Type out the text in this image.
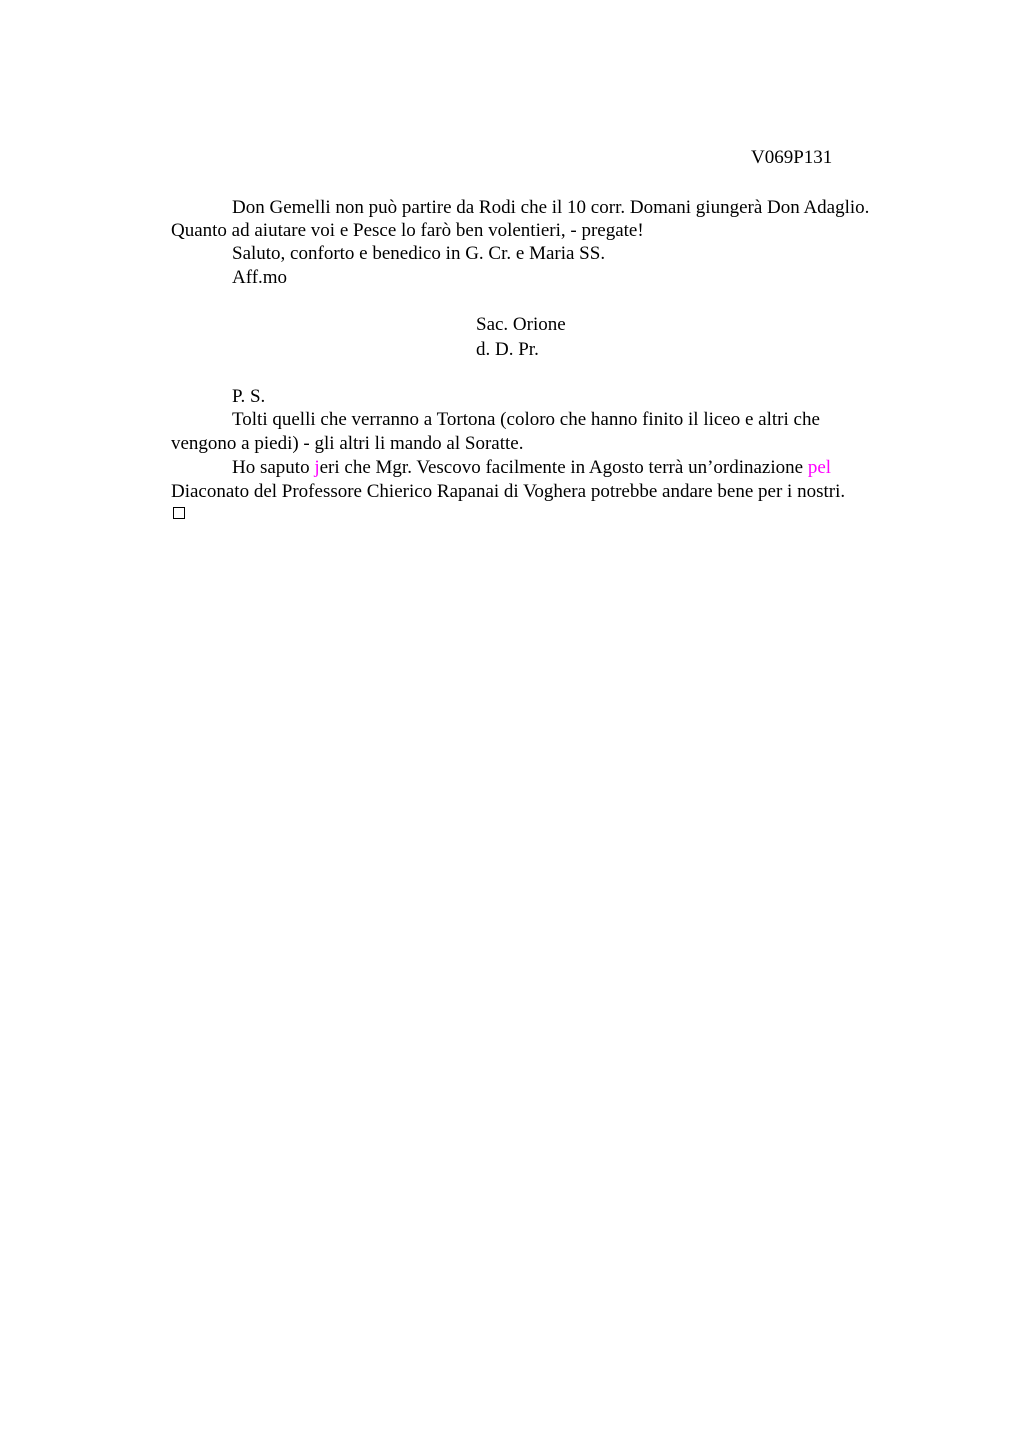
V069P131
Don Gemelli non può partire da Rodi che il 10 corr. Domani giungerà Don Adaglio.
Quanto ad aiutare voi e Pesce lo farò ben volentieri, - pregate!
Saluto, conforto e benedico in G. Cr. e Maria SS.
Aff.mo
Sac. Orione
d. D. Pr.
P. S.
Tolti quelli che verranno a Tortona (coloro che hanno finito il liceo e altri che
vengono a piedi) - gli altri li mando al Soratte.
Ho saputo jeri che Mgr. Vescovo facilmente in Agosto terrà un’ordinazione pel
Diaconato del Professore Chierico Rapanai di Voghera potrebbe andare bene per i nostri.
